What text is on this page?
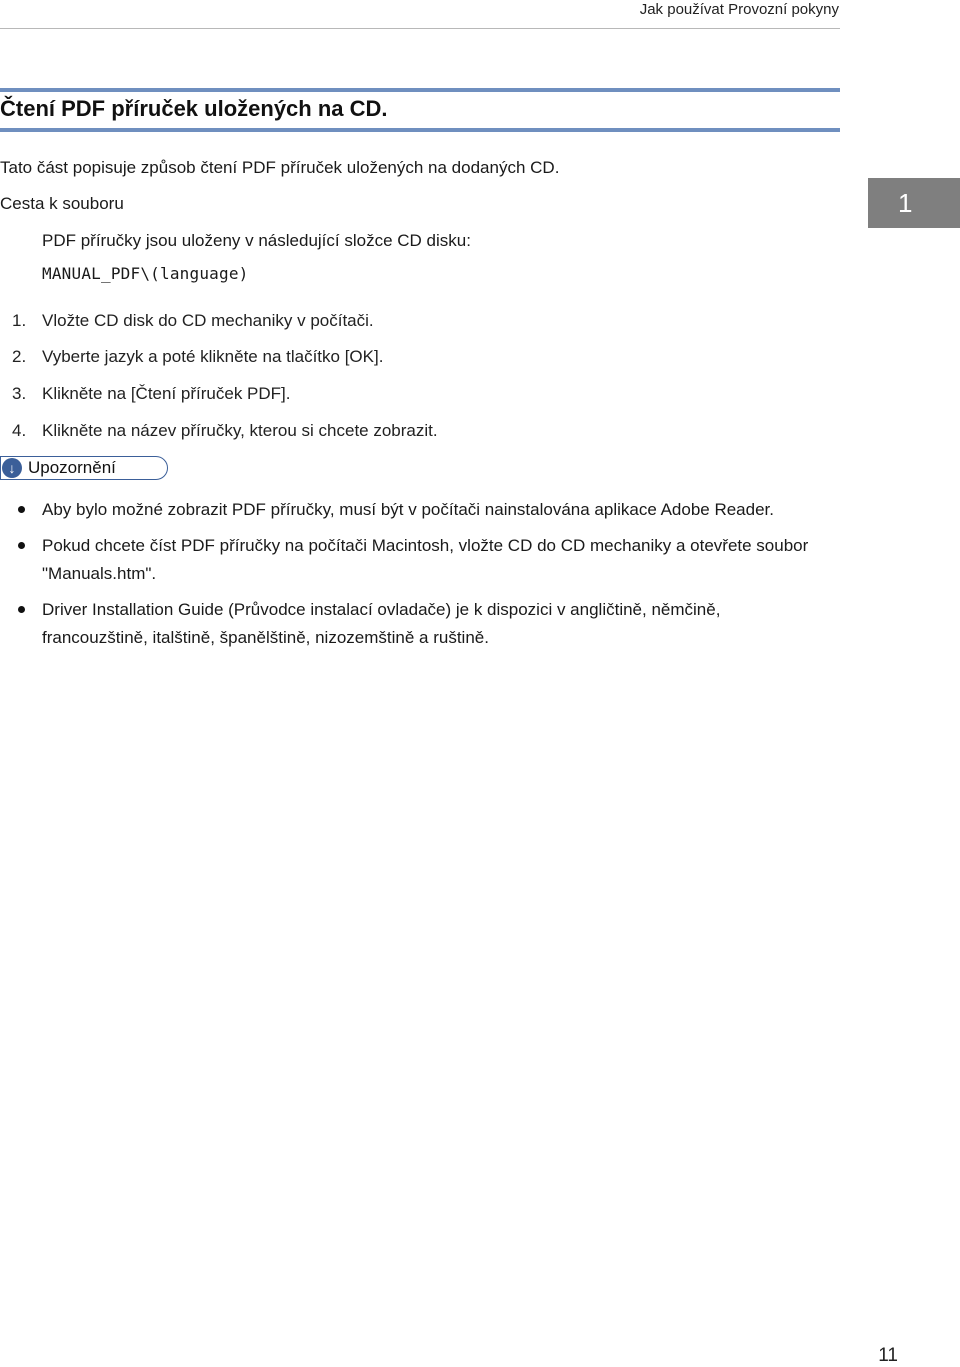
Jak používat Provozní pokyny
Čtení PDF příruček uložených na CD.
Tato část popisuje způsob čtení PDF příruček uložených na dodaných CD.
Cesta k souboru
PDF příručky jsou uloženy v následující složce CD disku:
MANUAL_PDF\(language)
1
1. Vložte CD disk do CD mechaniky v počítači.
2. Vyberte jazyk a poté klikněte na tlačítko [OK].
3. Klikněte na [Čtení příruček PDF].
4. Klikněte na název příručky, kterou si chcete zobrazit.
↓ Upozornění
Aby bylo možné zobrazit PDF příručky, musí být v počítači nainstalována aplikace Adobe Reader.
Pokud chcete číst PDF příručky na počítači Macintosh, vložte CD do CD mechaniky a otevřete soubor "Manuals.htm".
Driver Installation Guide (Průvodce instalací ovladače) je k dispozici v angličtině, němčině, francouzštině, italštině, španělštině, nizozemštině a ruštině.
11
